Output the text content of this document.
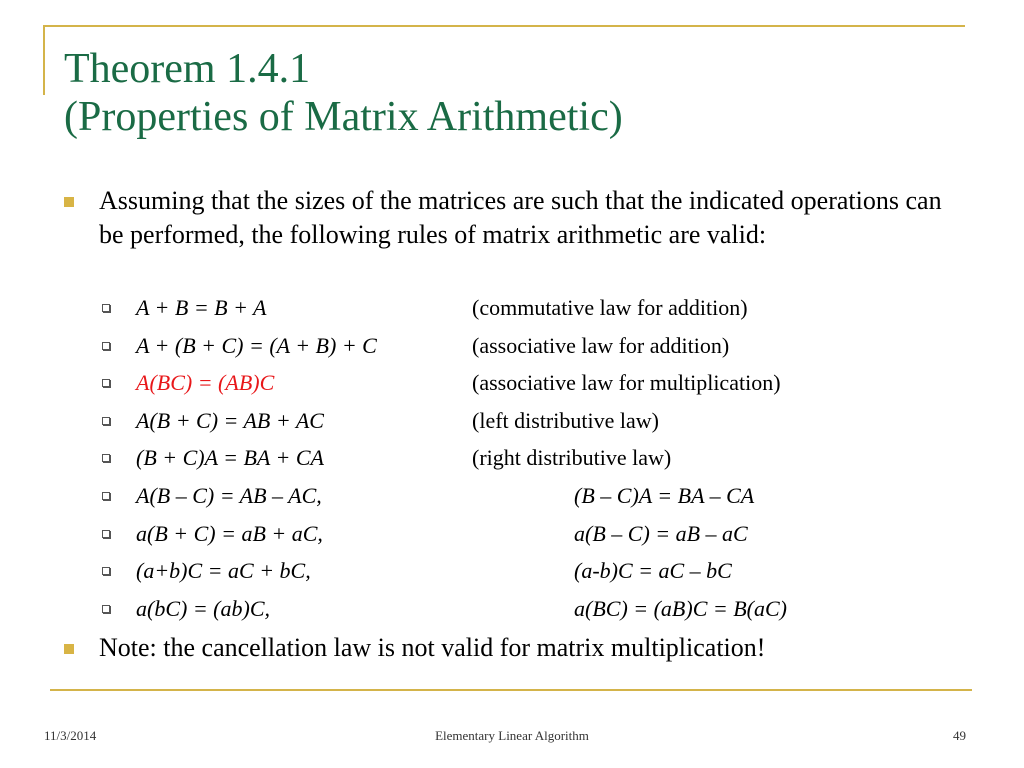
Theorem 1.4.1
(Properties of Matrix Arithmetic)

Assuming that the sizes of the matrices are such that the indicated operations can be performed, the following rules of matrix arithmetic are valid:

A + B = B + A	(commutative law for addition)
A + (B + C) = (A + B) + C	(associative law for addition)
A(BC) = (AB)C	(associative law for multiplication)
A(B + C) = AB + AC	(left distributive law)
(B + C)A = BA + CA	(right distributive law)
A(B – C) = AB – AC,	(B – C)A = BA – CA
a(B + C) = aB + aC,	a(B – C) = aB – aC
(a+b)C = aC + bC,	(a-b)C = aC – bC
a(bC) = (ab)C,	a(BC) = (aB)C = B(aC)

Note: the cancellation law is not valid for matrix multiplication!

11/3/2014	Elementary Linear Algorithm	49
